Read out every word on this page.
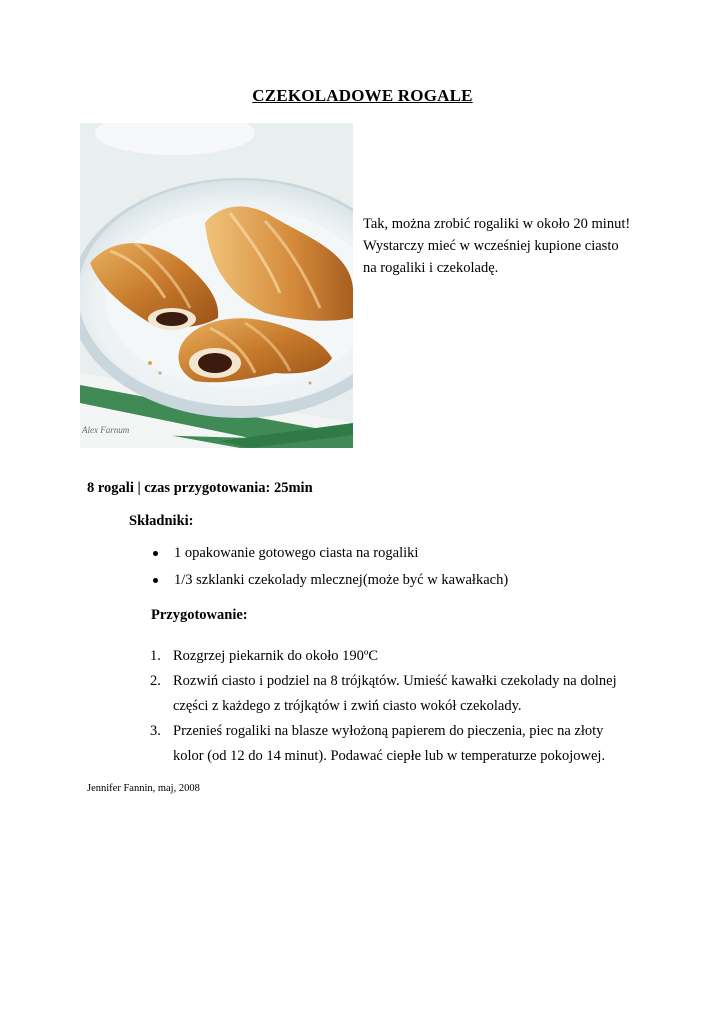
CZEKOLADOWE ROGALE
Alex Farnum
Tak, można zrobić rogaliki w około 20 minut!
Wystarczy mieć w wcześniej kupione ciasto
na rogaliki i czekoladę.
8 rogali | czas przygotowania: 25min
Składniki:
1 opakowanie gotowego ciasta na rogaliki
1/3 szklanki czekolady mlecznej(może być w kawałkach)
Przygotowanie:
1. Rozgrzej piekarnik do około 190ºC
2. Rozwiń ciasto i podziel na 8 trójkątów. Umieść kawałki czekolady na dolnej
części z każdego z trójkątów i zwiń ciasto wokół czekolady.
3. Przenieś rogaliki na blasze wyłożoną papierem do pieczenia, piec na złoty
kolor (od 12 do 14 minut). Podawać ciepłe lub w temperaturze pokojowej.
Jennifer Fannin, maj, 2008
